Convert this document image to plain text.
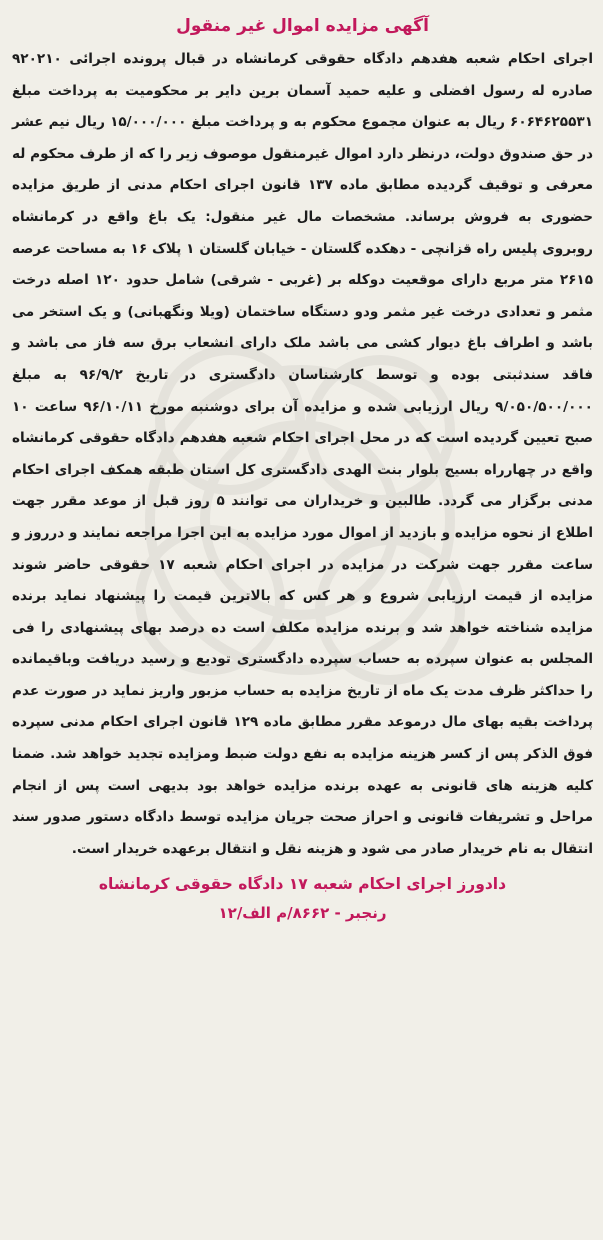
آگهی مزایده اموال غیر منقول

اجرای احکام شعبه هفدهم دادگاه حقوقی کرمانشاه در قبال پرونده اجرائی ۹۲۰۲۱۰ صادره له رسول افضلی و علیه حمید آسمان برین دایر بر محکومیت به پرداخت مبلغ ۶۰۶۴۶۲۵۵۳۱ ریال به عنوان مجموع محکوم به و پرداخت مبلغ ۱۵/۰۰۰/۰۰۰ ریال نیم عشر در حق صندوق دولت، درنظر دارد اموال غیرمنقول موصوف زیر را که از طرف محکوم له معرفی و توقیف گردیده مطابق ماده ۱۳۷ قانون اجرای احکام مدنی از طریق مزایده حضوری به فروش برساند. مشخصات مال غیر منقول: یک باغ واقع در کرمانشاه روبروی پلیس راه قزانچی - دهکده گلستان - خیابان گلستان ۱ پلاک ۱۶ به مساحت عرصه ۲۶۱۵ متر مربع دارای موقعیت دوکله بر (غربی - شرقی) شامل حدود ۱۲۰ اصله درخت مثمر و تعدادی درخت غیر مثمر ودو دستگاه ساختمان (ویلا ونگهبانی) و یک استخر می باشد و اطراف باغ دیوار کشی می باشد ملک دارای انشعاب برق سه فاز می باشد و فاقد سندثبتی بوده و توسط کارشناسان دادگستری در تاریخ ۹۶/۹/۲ به مبلغ ۹/۰۵۰/۵۰۰/۰۰۰ ریال ارزیابی شده و مزایده آن برای دوشنبه مورخ ۹۶/۱۰/۱۱ ساعت ۱۰ صبح تعیین گردیده است که در محل اجرای احکام شعبه هفدهم دادگاه حقوقی کرمانشاه واقع در چهارراه بسیج بلوار بنت الهدی دادگستری کل استان طبقه همکف اجرای احکام مدنی برگزار می گردد. طالبین و خریداران می توانند ۵ روز قبل از موعد مقرر جهت اطلاع از نحوه مزایده و بازدید از اموال مورد مزایده به این اجرا مراجعه نمایند و درروز و ساعت مقرر جهت شرکت در مزایده در اجرای احکام شعبه ۱۷ حقوقی حاضر شوند مزایده از قیمت ارزیابی شروع و هر کس که بالاترین قیمت را پیشنهاد نماید برنده مزایده شناخته خواهد شد و برنده مزایده مکلف است ده درصد بهای پیشنهادی را فی المجلس به عنوان سپرده به حساب سپرده دادگستری تودیع و رسید دریافت وباقیمانده را حداکثر ظرف مدت یک ماه از تاریخ مزایده به حساب مزبور واریز نماید در صورت عدم پرداخت بقیه بهای مال درموعد مقرر مطابق ماده ۱۲۹ قانون اجرای احکام مدنی سپرده فوق الذکر پس از کسر هزینه مزایده به نفع دولت ضبط ومزایده تجدید خواهد شد. ضمنا کلیه هزینه های قانونی به عهده برنده مزایده خواهد بود بدیهی است پس از انجام مراحل و تشریفات قانونی و احراز صحت جریان مزایده توسط دادگاه دستور صدور سند انتقال به نام خریدار صادر می شود و هزینه نقل و انتقال برعهده خریدار است.

دادورز اجرای احکام شعبه ۱۷ دادگاه حقوقی کرمانشاه
رنجبر - ۸۶۶۲/م الف/۱۲
